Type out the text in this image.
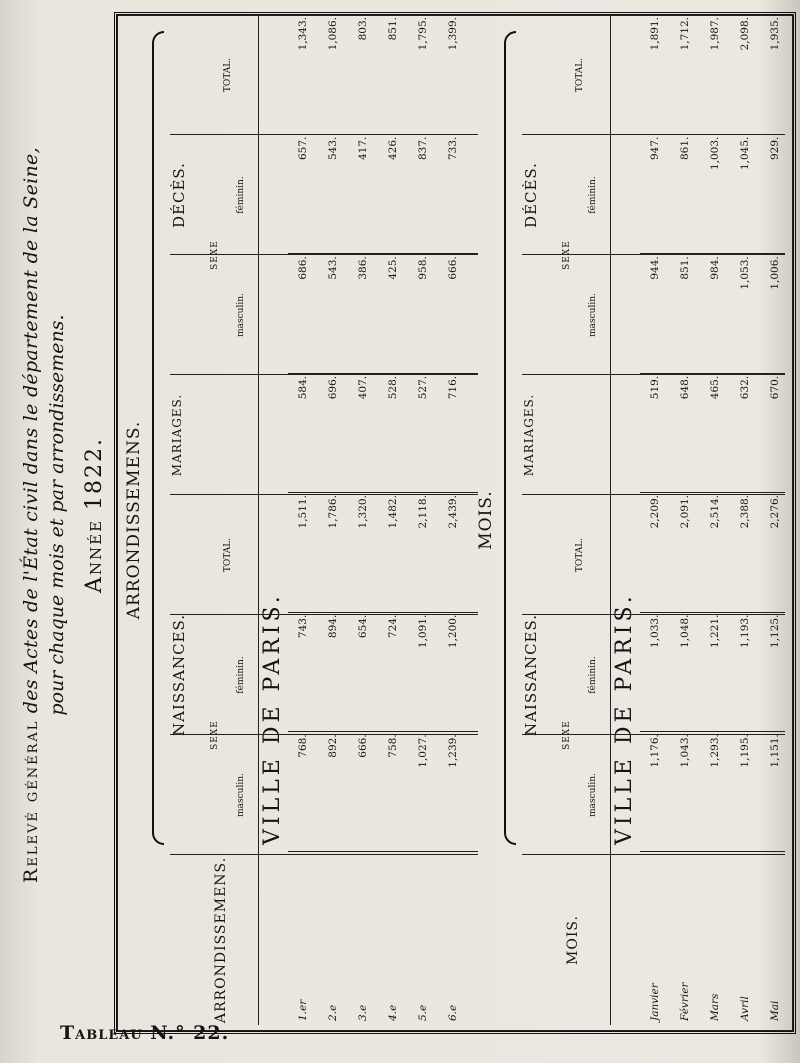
Relevé général des Actes de l'État civil dans le département de la Seine, pour chaque mois et par arrondissemens. Année 1822. ARRONDISSEMENS.
NAISSANCES.
MARIAGES.
DÉCÈS.
SEXE
masculin.
féminin.
TOTAL.
SEXE
masculin.
féminin.
TOTAL.
ARRONDISSEMENS.
VILLE DE PARIS.
1.er	768.	743.	1,511.	584.	686.	657.	1,343.
2.e	892.	894.	1,786.	696.	543.	543.	1,086.
3.e	666.	654.	1,320.	407.	386.	417.	803.
4.e	758.	724.	1,482.	528.	425.	426.	851.
5.e	1,027.	1,091.	2,118.	527.	958.	837.	1,795.
6.e	1,239.	1,200.	2,439.	716.	666.	733.	1,399.

MOIS.
NAISSANCES.
MARIAGES.
DÉCÈS.
SEXE
masculin.
féminin.
TOTAL.
SEXE
masculin.
féminin.
TOTAL.
MOIS.
VILLE DE PARIS.
Janvier	1,176.	1,033.	2,209.	519.	944.	947.	1,891.
Février	1,043.	1,048.	2,091.	648.	851.	861.	1,712.
Mars	1,293.	1,221.	2,514.	465.	984.	1,003.	1,987.
Avril	1,195.	1,193.	2,388.	632.	1,053.	1,045.	2,098.
Mai	1,151.	1,125.	2,276.	670.	1,006.	929.	1,935.

Tableau N.° 22.
